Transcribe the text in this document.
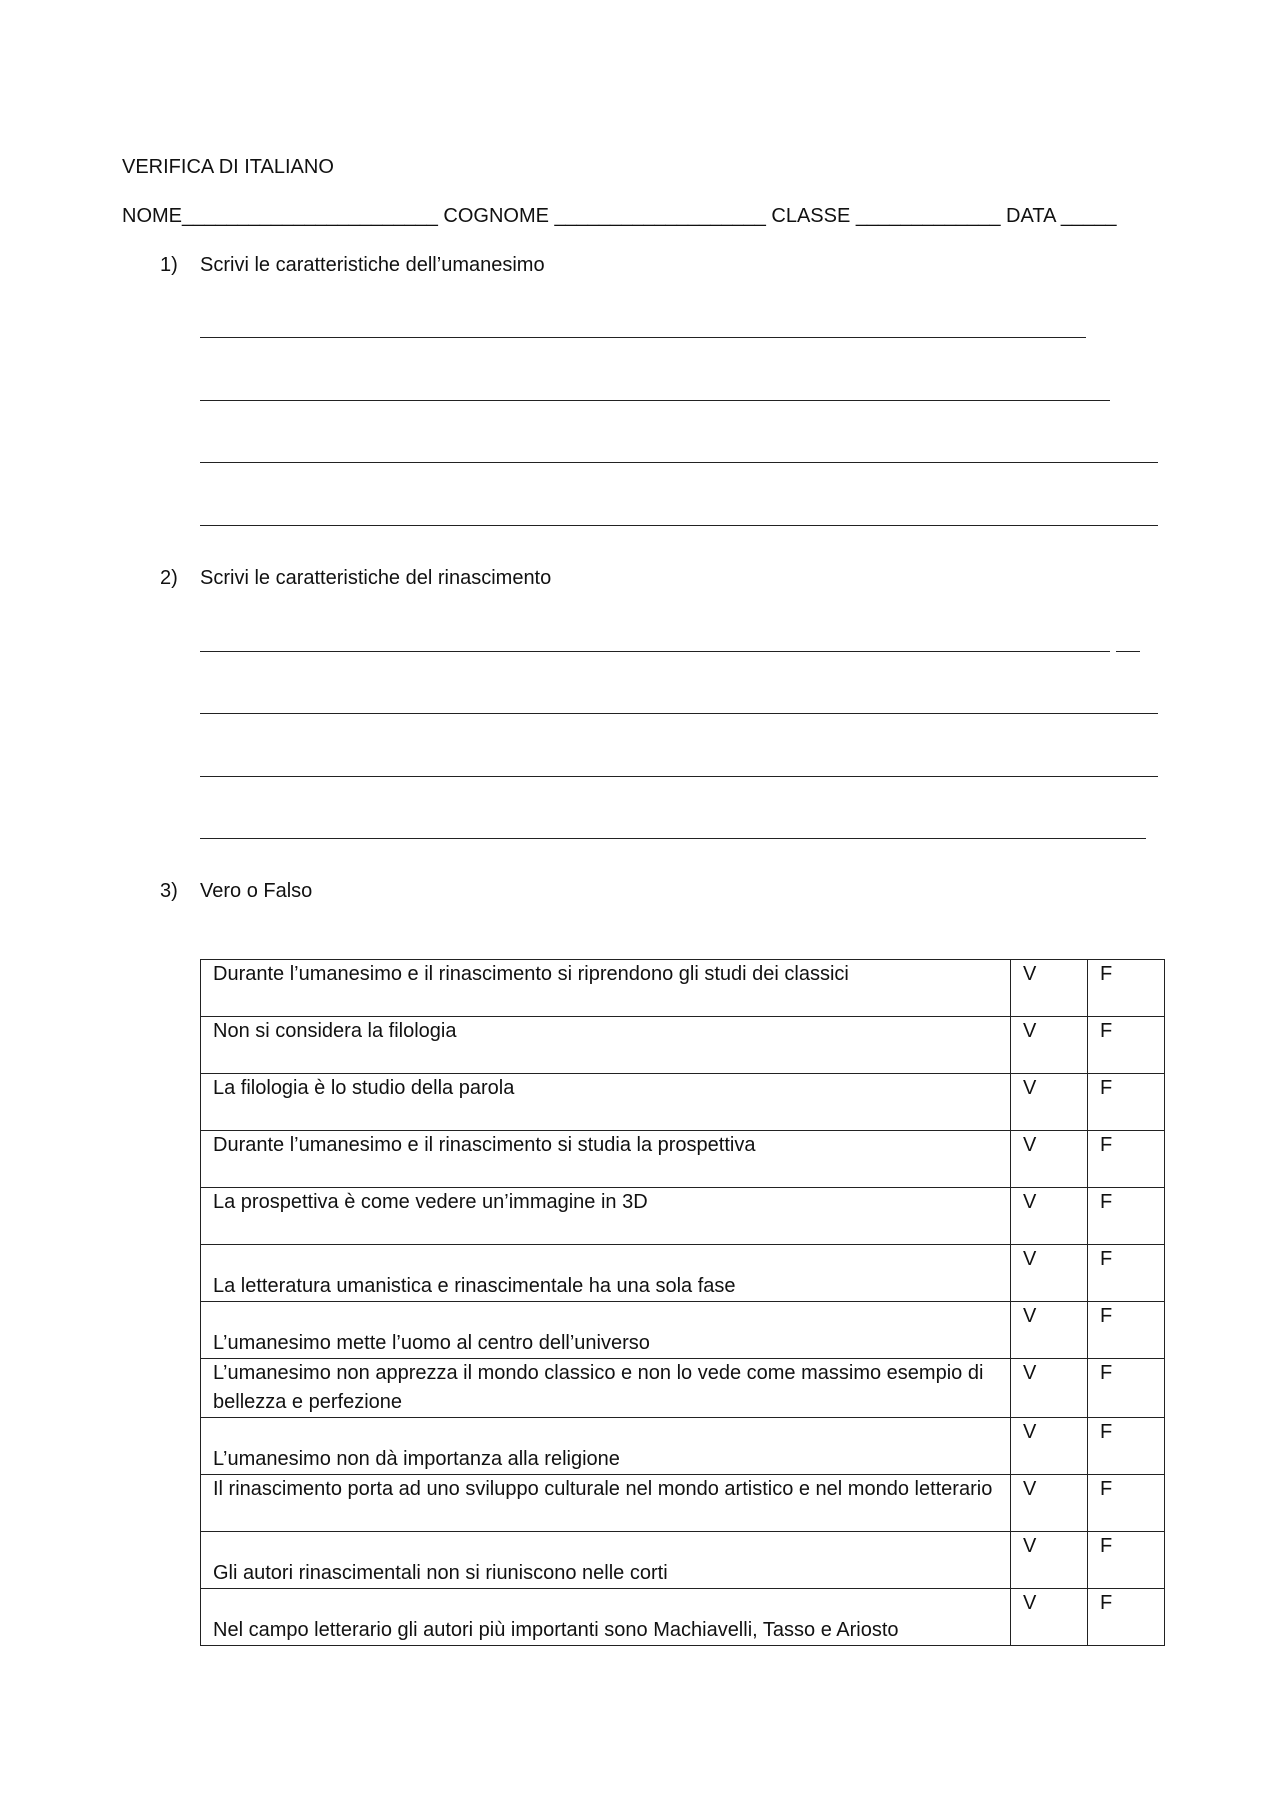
VERIFICA DI ITALIANO
NOME_______________________ COGNOME ___________________ CLASSE _____________ DATA _____
1) Scrivi le caratteristiche dell’umanesimo
2) Scrivi le caratteristiche del rinascimento
3) Vero o Falso
Durante l’umanesimo e il rinascimento si riprendono gli studi dei classici	V	F
Non si considera la filologia	V	F
La filologia è lo studio della parola	V	F
Durante l’umanesimo e il rinascimento si studia la prospettiva	V	F
La prospettiva è come vedere un’immagine in 3D	V	F
La letteratura umanistica e rinascimentale ha una sola fase	V	F
L’umanesimo mette l’uomo al centro dell’universo	V	F
L’umanesimo non apprezza il mondo classico e non lo vede come massimo esempio di bellezza e perfezione	V	F
L’umanesimo non dà importanza alla religione	V	F
Il rinascimento porta ad uno sviluppo culturale nel mondo artistico e nel mondo letterario	V	F
Gli autori rinascimentali non si riuniscono nelle corti	V	F
Nel campo letterario gli autori più importanti sono Machiavelli, Tasso e Ariosto	V	F
